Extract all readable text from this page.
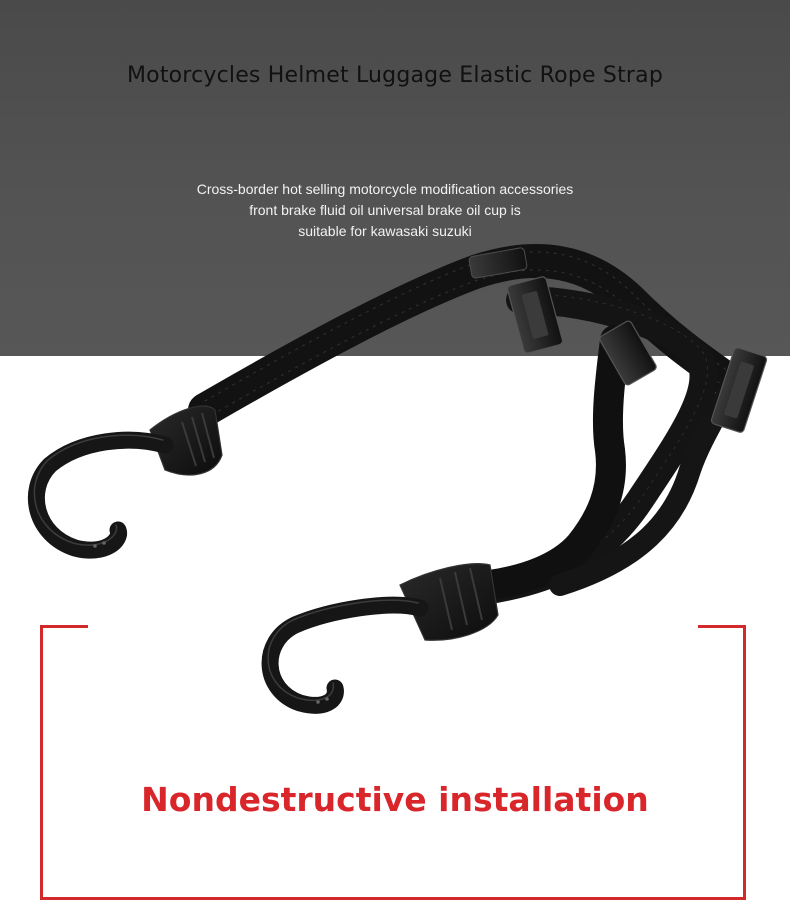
Motorcycles Helmet Luggage Elastic Rope Strap
Cross-border hot selling motorcycle modification accessories
front brake fluid oil universal brake oil cup is
suitable for kawasaki suzuki
Nondestructive installation
